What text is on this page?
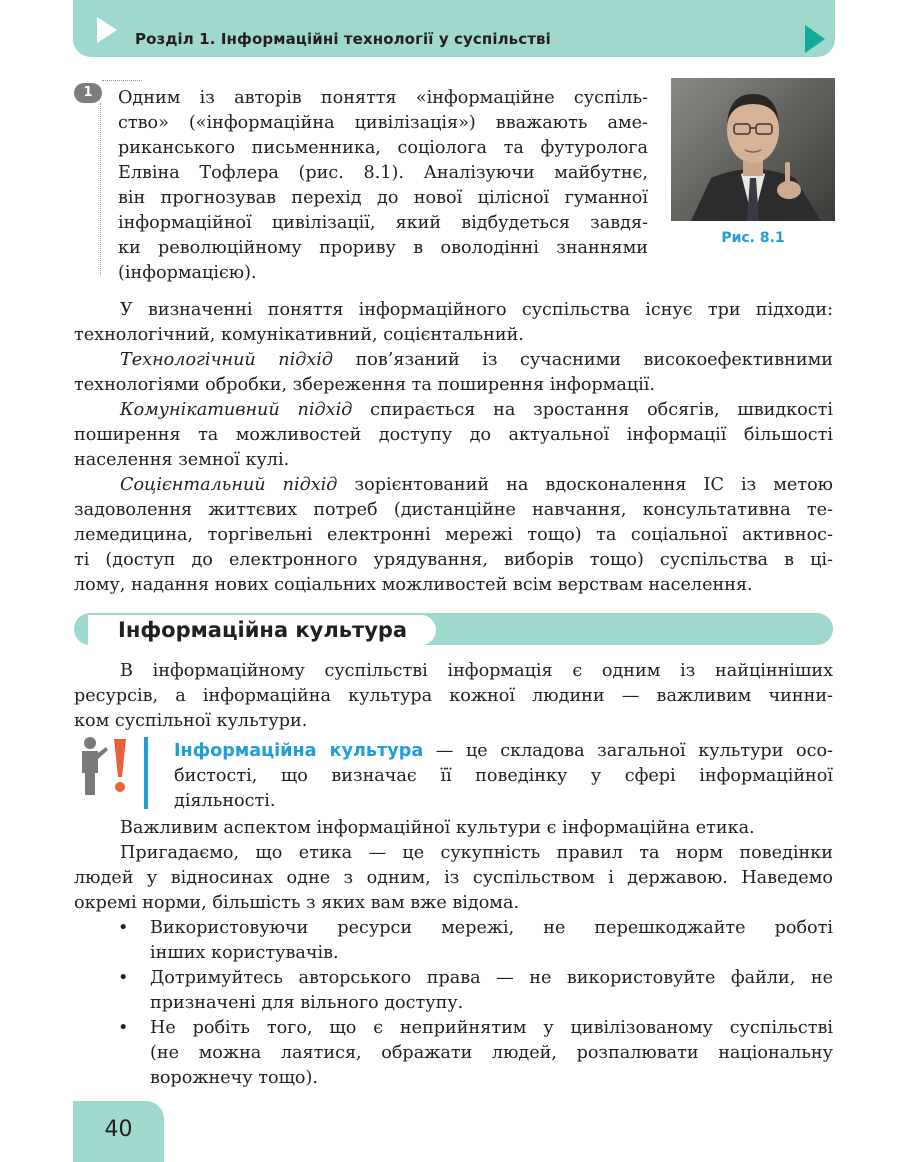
Розділ 1. Інформаційні технології у суспільстві
1	Одним із авторів поняття «інформаційне суспіль-
ство» («інформаційна цивілізація») вважають аме-
риканського письменника, соціолога та футуролога
Елвіна Тофлера (рис. 8.1). Аналізуючи майбутнє,
він прогнозував перехід до нової цілісної гуманної
інформаційної цивілізації, який відбудеться завдя-
ки революційному прориву в оволодінні знаннями
(інформацією).

Рис. 8.1

У визначенні поняття інформаційного суспільства існує три підходи:
технологічний, комунікативний, соцієнтальний.

Технологічний підхід пов’язаний із сучасними високоефективними
технологіями обробки, збереження та поширення інформації.

Комунікативний підхід спирається на зростання обсягів, швидкості
поширення та можливостей доступу до актуальної інформації більшості
населення земної кулі.

Соцієнтальний підхід зорієнтований на вдосконалення ІС із метою
задоволення життєвих потреб (дистанційне навчання, консультативна те-
лемедицина, торгівельні електронні мережі тощо) та соціальної активнос-
ті (доступ до електронного урядування, виборів тощо) суспільства в ці-
лому, надання нових соціальних можливостей всім верствам населення.

Інформаційна культура

В інформаційному суспільстві інформація є одним із найцінніших
ресурсів, а інформаційна культура кожної людини — важливим чинни-
ком суспільної культури.

Інформаційна культура — це складова загальної культури осо-
бистості, що визначає її поведінку у сфері інформаційної
діяльності.

Важливим аспектом інформаційної культури є інформаційна етика.

Пригадаємо, що етика — це сукупність правил та норм поведінки
людей у відносинах одне з одним, із суспільством і державою. Наведемо
окремі норми, більшість з яких вам вже відома.

• Використовуючи ресурси мережі, не перешкоджайте роботі
інших користувачів.
• Дотримуйтесь авторського права — не використовуйте файли, не
призначені для вільного доступу.
• Не робіть того, що є неприйнятим у цивілізованому суспільстві
(не можна лаятися, ображати людей, розпалювати національну
ворожнечу тощо).
40
